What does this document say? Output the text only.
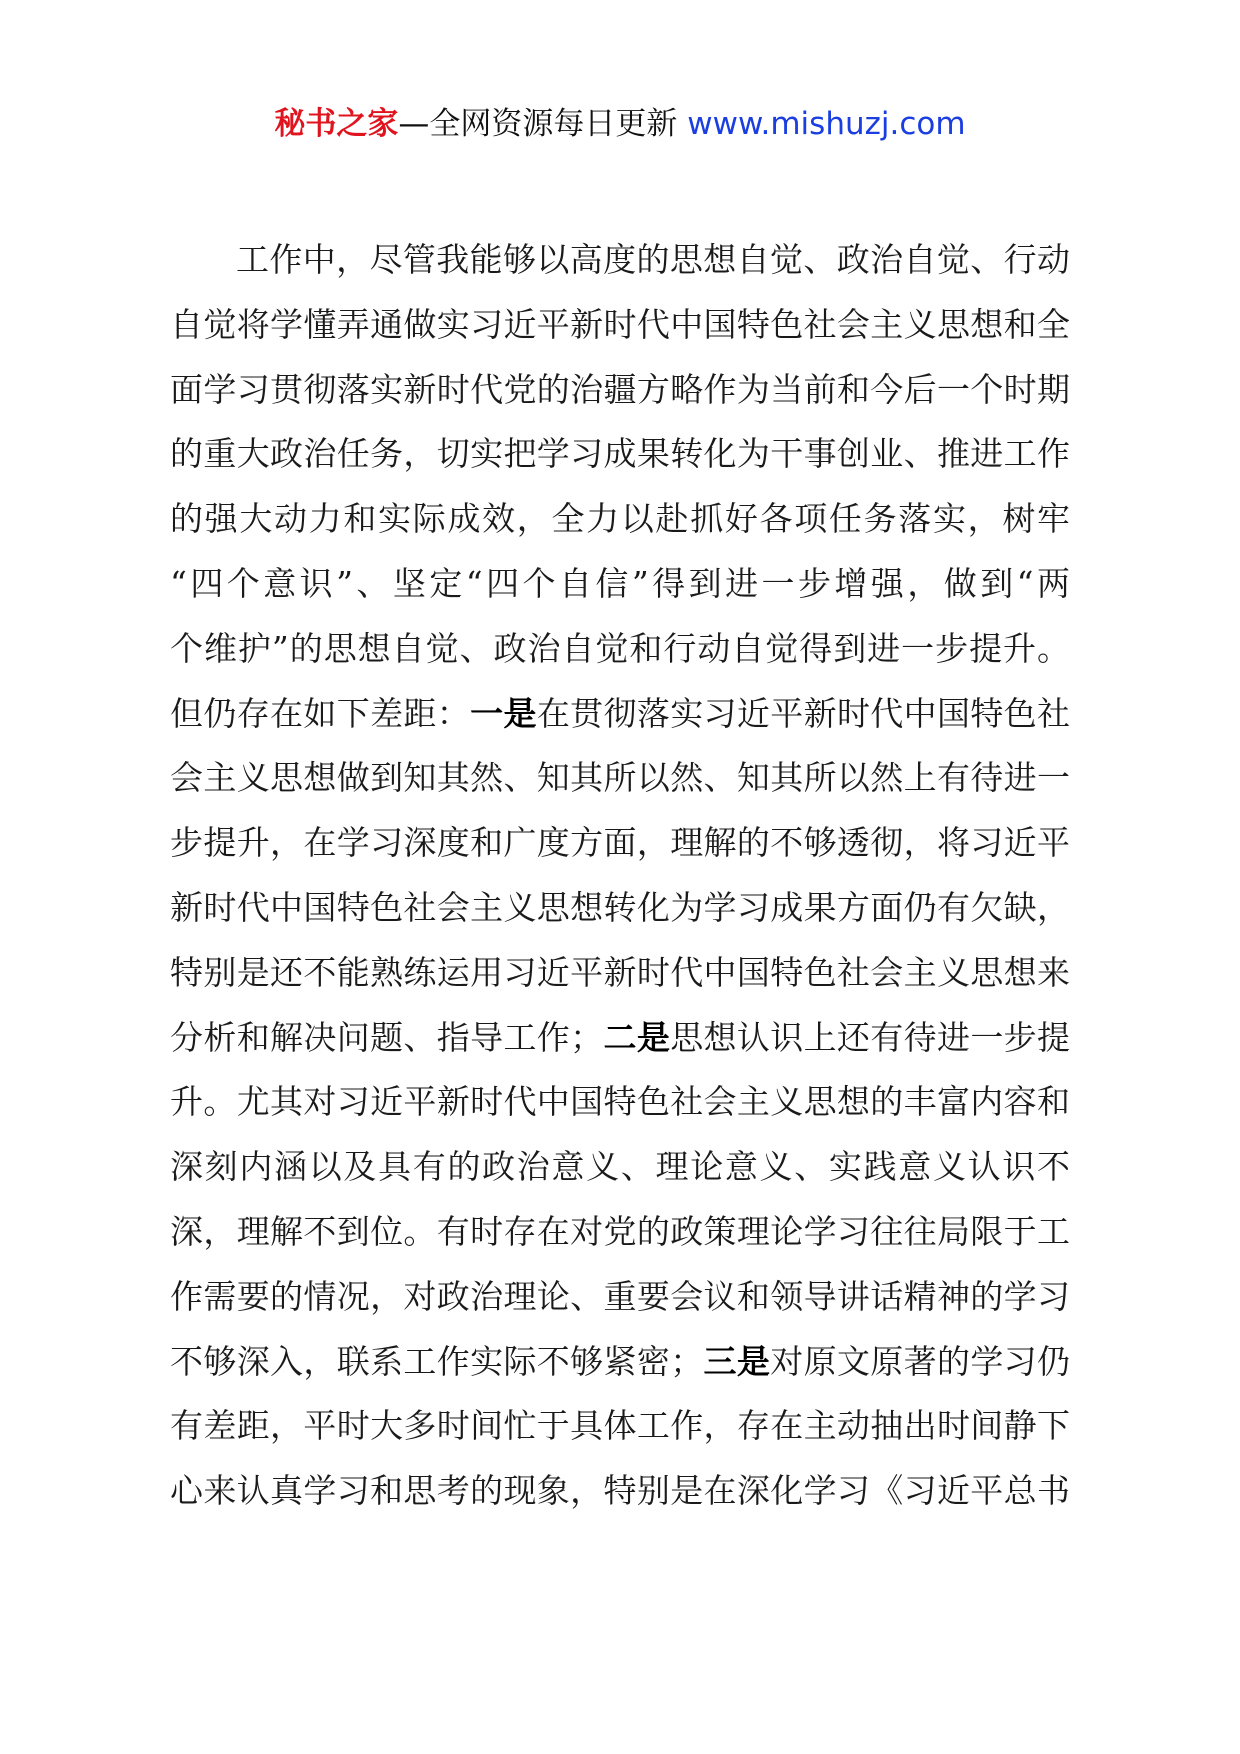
秘书之家—全网资源每日更新 www.mishuzj.com
工作中，尽管我能够以高度的思想自觉、政治自觉、行动
自觉将学懂弄通做实习近平新时代中国特色社会主义思想和全
面学习贯彻落实新时代党的治疆方略作为当前和今后一个时期
的重大政治任务，切实把学习成果转化为干事创业、推进工作
的强大动力和实际成效，全力以赴抓好各项任务落实，树牢
“四个意识”、坚定“四个自信”得到进一步增强，做到“两
个维护”的思想自觉、政治自觉和行动自觉得到进一步提升。
但仍存在如下差距：一是在贯彻落实习近平新时代中国特色社
会主义思想做到知其然、知其所以然、知其所以然上有待进一
步提升，在学习深度和广度方面，理解的不够透彻，将习近平
新时代中国特色社会主义思想转化为学习成果方面仍有欠缺，
特别是还不能熟练运用习近平新时代中国特色社会主义思想来
分析和解决问题、指导工作；二是思想认识上还有待进一步提
升。尤其对习近平新时代中国特色社会主义思想的丰富内容和
深刻内涵以及具有的政治意义、理论意义、实践意义认识不
深，理解不到位。有时存在对党的政策理论学习往往局限于工
作需要的情况，对政治理论、重要会议和领导讲话精神的学习
不够深入，联系工作实际不够紧密；三是对原文原著的学习仍
有差距，平时大多时间忙于具体工作，存在主动抽出时间静下
心来认真学习和思考的现象，特别是在深化学习《习近平总书
